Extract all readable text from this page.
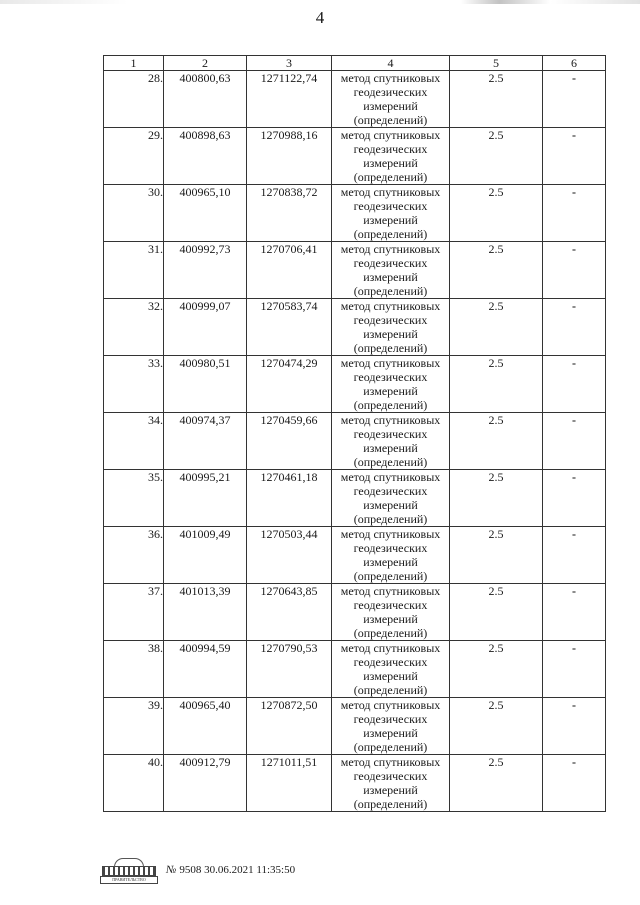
4
1	2	3	4	5	6
28.	400800,63	1271122,74	метод спутниковых
геодезических
измерений
(определений)	2.5	-
29.	400898,63	1270988,16	метод спутниковых
геодезических
измерений
(определений)	2.5	-
30.	400965,10	1270838,72	метод спутниковых
геодезических
измерений
(определений)	2.5	-
31.	400992,73	1270706,41	метод спутниковых
геодезических
измерений
(определений)	2.5	-
32.	400999,07	1270583,74	метод спутниковых
геодезических
измерений
(определений)	2.5	-
33.	400980,51	1270474,29	метод спутниковых
геодезических
измерений
(определений)	2.5	-
34.	400974,37	1270459,66	метод спутниковых
геодезических
измерений
(определений)	2.5	-
35.	400995,21	1270461,18	метод спутниковых
геодезических
измерений
(определений)	2.5	-
36.	401009,49	1270503,44	метод спутниковых
геодезических
измерений
(определений)	2.5	-
37.	401013,39	1270643,85	метод спутниковых
геодезических
измерений
(определений)	2.5	-
38.	400994,59	1270790,53	метод спутниковых
геодезических
измерений
(определений)	2.5	-
39.	400965,40	1270872,50	метод спутниковых
геодезических
измерений
(определений)	2.5	-
40.	400912,79	1271011,51	метод спутниковых
геодезических
измерений
(определений)	2.5	-
ПРАВИТЕЛЬСТВО
№ 9508 30.06.2021 11:35:50
